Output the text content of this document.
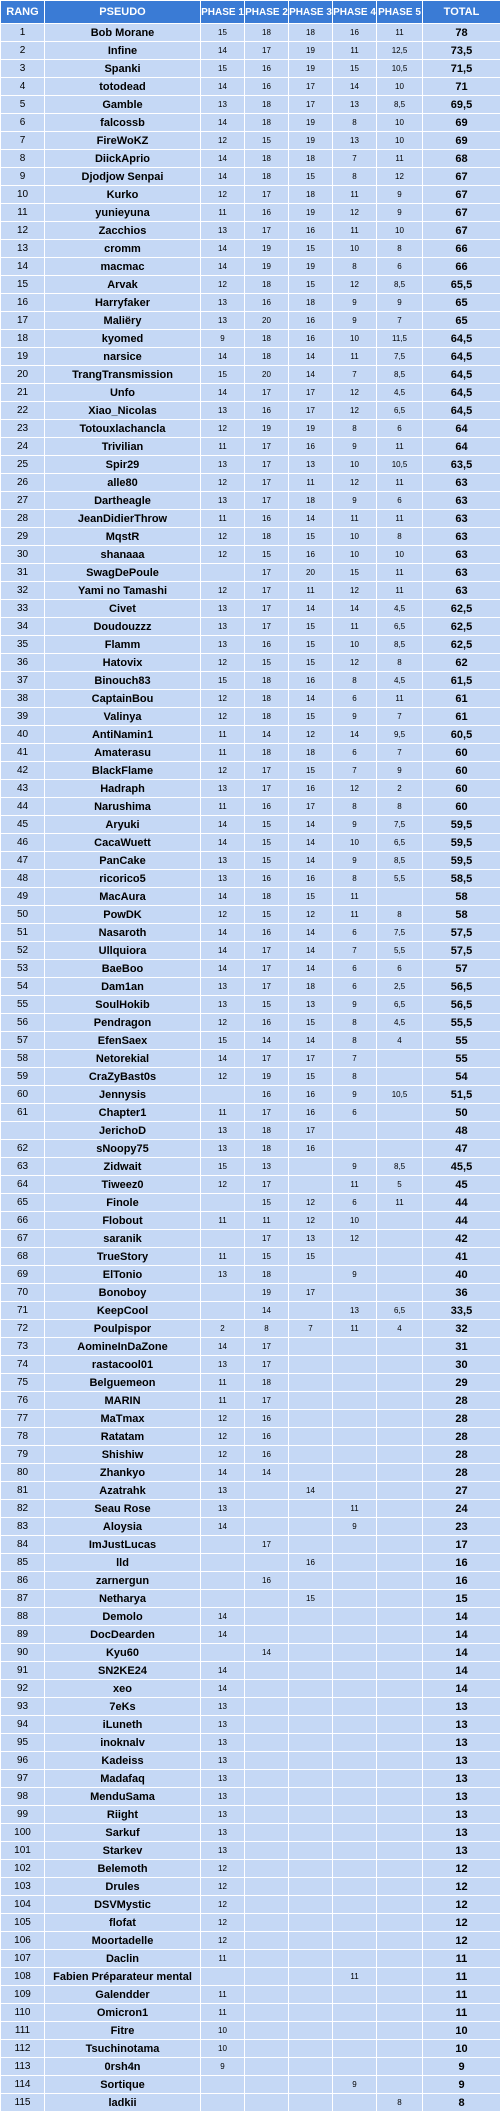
RANG	PSEUDO	PHASE 1	PHASE 2	PHASE 3	PHASE 4	PHASE 5	TOTAL
1	Bob Morane	15	18	18	16	11	78
2	Infine	14	17	19	11	12,5	73,5
3	Spanki	15	16	19	15	10,5	71,5
4	totodead	14	16	17	14	10	71
5	Gamble	13	18	17	13	8,5	69,5
6	falcossb	14	18	19	8	10	69
7	FireWoKZ	12	15	19	13	10	69
8	DiickAprio	14	18	18	7	11	68
9	Djodjow Senpai	14	18	15	8	12	67
10	Kurko	12	17	18	11	9	67
11	yunieyuna	11	16	19	12	9	67
12	Zacchios	13	17	16	11	10	67
13	cromm	14	19	15	10	8	66
14	macmac	14	19	19	8	6	66
15	Arvak	12	18	15	12	8,5	65,5
16	Harryfaker	13	16	18	9	9	65
17	Maliëry	13	20	16	9	7	65
18	kyomed	9	18	16	10	11,5	64,5
19	narsice	14	18	14	11	7,5	64,5
20	TrangTransmission	15	20	14	7	8,5	64,5
21	Unfo	14	17	17	12	4,5	64,5
22	Xiao_Nicolas	13	16	17	12	6,5	64,5
23	Totouxlachancla	12	19	19	8	6	64
24	Trivilian	11	17	16	9	11	64
25	Spir29	13	17	13	10	10,5	63,5
26	alle80	12	17	11	12	11	63
27	Dartheagle	13	17	18	9	6	63
28	JeanDidierThrow	11	16	14	11	11	63
29	MqstR	12	18	15	10	8	63
30	shanaaa	12	15	16	10	10	63
31	SwagDePoule		17	20	15	11	63
32	Yami no Tamashi	12	17	11	12	11	63
33	Civet	13	17	14	14	4,5	62,5
34	Doudouzzz	13	17	15	11	6,5	62,5
35	Flamm	13	16	15	10	8,5	62,5
36	Hatovix	12	15	15	12	8	62
37	Binouch83	15	18	16	8	4,5	61,5
38	CaptainBou	12	18	14	6	11	61
39	Valinya	12	18	15	9	7	61
40	AntiNamin1	11	14	12	14	9,5	60,5
41	Amaterasu	11	18	18	6	7	60
42	BlackFlame	12	17	15	7	9	60
43	Hadraph	13	17	16	12	2	60
44	Narushima	11	16	17	8	8	60
45	Aryuki	14	15	14	9	7,5	59,5
46	CacaWuett	14	15	14	10	6,5	59,5
47	PanCake	13	15	14	9	8,5	59,5
48	ricorico5	13	16	16	8	5,5	58,5
49	MacAura	14	18	15	11		58
50	PowDK	12	15	12	11	8	58
51	Nasaroth	14	16	14	6	7,5	57,5
52	Ullquiora	14	17	14	7	5,5	57,5
53	BaeBoo	14	17	14	6	6	57
54	Dam1an	13	17	18	6	2,5	56,5
55	SoulHokib	13	15	13	9	6,5	56,5
56	Pendragon	12	16	15	8	4,5	55,5
57	EfenSaex	15	14	14	8	4	55
58	Netorekial	14	17	17	7		55
59	CraZyBast0s	12	19	15	8		54
60	Jennysis		16	16	9	10,5	51,5
61	Chapter1	11	17	16	6		50
	JerichoD	13	18	17			48
62	sNoopy75	13	18	16			47
63	Zidwait	15	13		9	8,5	45,5
64	Tiweez0	12	17		11	5	45
65	Finole		15	12	6	11	44
66	Flobout	11	11	12	10		44
67	saranik		17	13	12		42
68	TrueStory	11	15	15			41
69	ElTonio	13	18		9		40
70	Bonoboy		19	17			36
71	KeepCool		14		13	6,5	33,5
72	Poulpispor	2	8	7	11	4	32
73	AomineInDaZone	14	17				31
74	rastacool01	13	17				30
75	Belguemeon	11	18				29
76	MARIN	11	17				28
77	MaTmax	12	16				28
78	Ratatam	12	16				28
79	Shishiw	12	16				28
80	Zhankyo	14	14				28
81	Azatrahk	13		14			27
82	Seau Rose	13			11		24
83	Aloysia	14			9		23
84	ImJustLucas		17				17
85	lld			16			16
86	zarnergun		16				16
87	Netharya			15			15
88	Demolo	14					14
89	DocDearden	14					14
90	Kyu60		14				14
91	SN2KE24	14					14
92	xeo	14					14
93	7eKs	13					13
94	iLuneth	13					13
95	inoknalv	13					13
96	Kadeiss	13					13
97	Madafaq	13					13
98	MenduSama	13					13
99	Riight	13					13
100	Sarkuf	13					13
101	Starkev	13					13
102	Belemoth	12					12
103	Drules	12					12
104	DSVMystic	12					12
105	flofat	12					12
106	Moortadelle	12					12
107	Daclin	11					11
108	Fabien Préparateur mental				11		11
109	Galendder	11					11
110	Omicron1	11					11
111	Fitre	10					10
112	Tsuchinotama	10					10
113	0rsh4n	9					9
114	Sortique				9		9
115	ladkii					8	8
